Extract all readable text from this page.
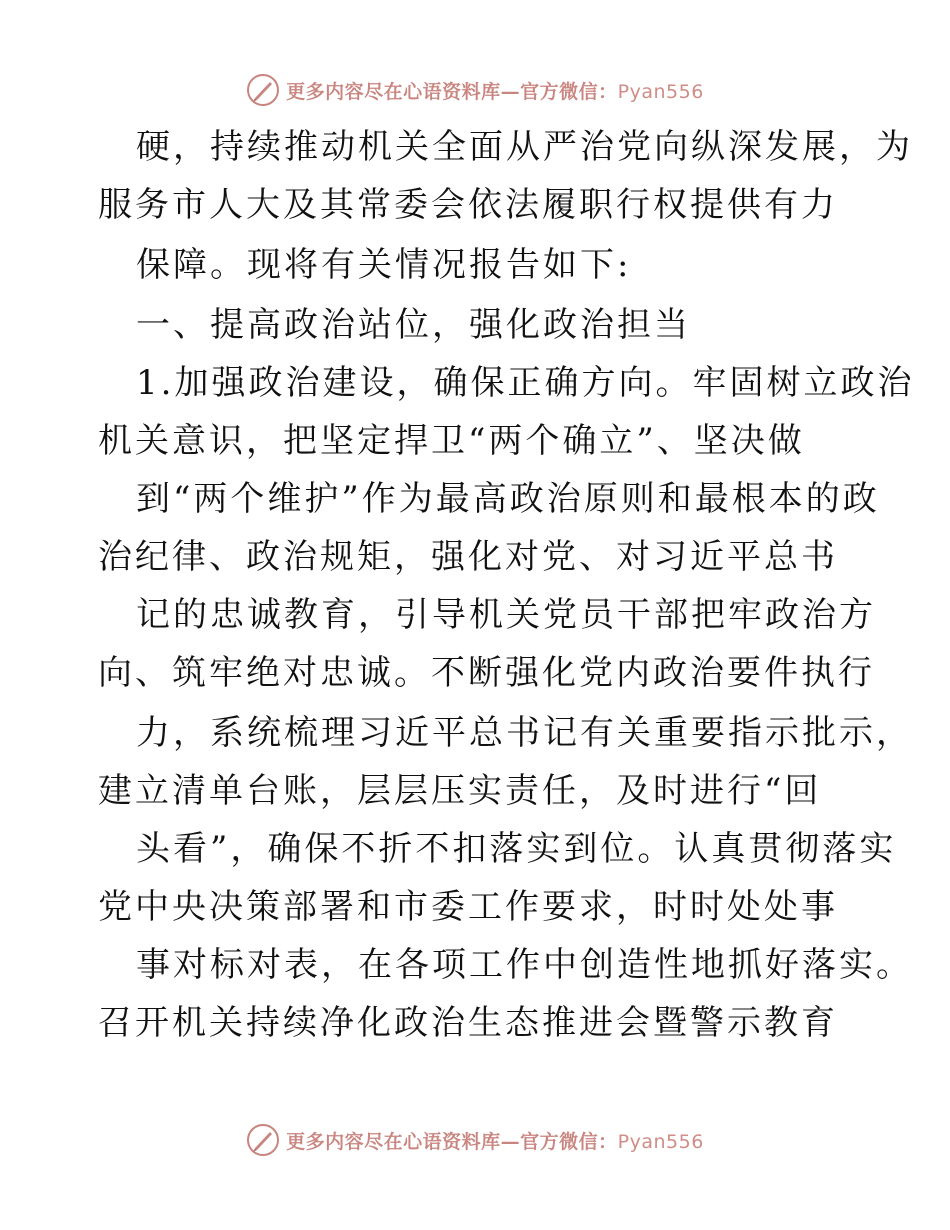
更多内容尽在心语资料库—官方微信：Pyan556
硬，持续推动机关全面从严治党向纵深发展，为
服务市人大及其常委会依法履职行权提供有力
保障。现将有关情况报告如下:
一、提高政治站位，强化政治担当
1.加强政治建设，确保正确方向。牢固树立政治
机关意识，把坚定捍卫“两个确立”、坚决做
到“两个维护”作为最高政治原则和最根本的政
治纪律、政治规矩，强化对党、对习近平总书
记的忠诚教育，引导机关党员干部把牢政治方
向、筑牢绝对忠诚。不断强化党内政治要件执行
力，系统梳理习近平总书记有关重要指示批示，
建立清单台账，层层压实责任，及时进行“回
头看”，确保不折不扣落实到位。认真贯彻落实
党中央决策部署和市委工作要求，时时处处事
事对标对表，在各项工作中创造性地抓好落实。
召开机关持续净化政治生态推进会暨警示教育
更多内容尽在心语资料库—官方微信：Pyan556
